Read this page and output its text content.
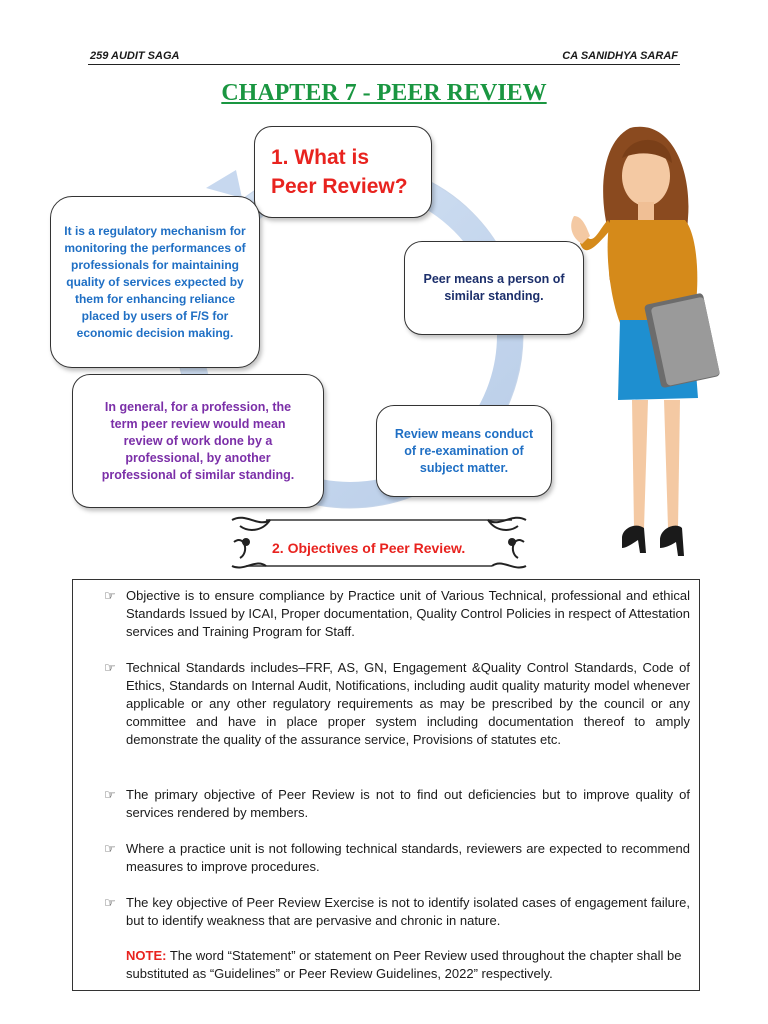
259 AUDIT SAGA	CA SANIDHYA SARAF
CHAPTER 7 - PEER REVIEW
1. What is Peer Review?
It is a regulatory mechanism for monitoring the performances of professionals for maintaining quality of services expected by them for enhancing reliance placed by users of F/S for economic decision making.
Peer means a person of similar standing.
In general, for a profession, the term peer review would mean review of work done by a professional, by another professional of similar standing.
Review means conduct of re-examination of subject matter.
2. Objectives of Peer Review.
☞ Objective is to ensure compliance by Practice unit of Various Technical, professional and ethical Standards Issued by ICAI, Proper documentation, Quality Control Policies in respect of Attestation services and Training Program for Staff.
☞ Technical Standards includes–FRF, AS, GN, Engagement &Quality Control Standards, Code of Ethics, Standards on Internal Audit, Notifications, including audit quality maturity model whenever applicable or any other regulatory requirements as may be prescribed by the council or any committee and have in place proper system including documentation thereof to amply demonstrate the quality of the assurance service, Provisions of statutes etc.
☞ The primary objective of Peer Review is not to find out deficiencies but to improve quality of services rendered by members.
☞ Where a practice unit is not following technical standards, reviewers are expected to recommend measures to improve procedures.
☞ The key objective of Peer Review Exercise is not to identify isolated cases of engagement failure, but to identify weakness that are pervasive and chronic in nature.
NOTE: The word “Statement” or statement on Peer Review used throughout the chapter shall be substituted as “Guidelines” or Peer Review Guidelines, 2022” respectively.
